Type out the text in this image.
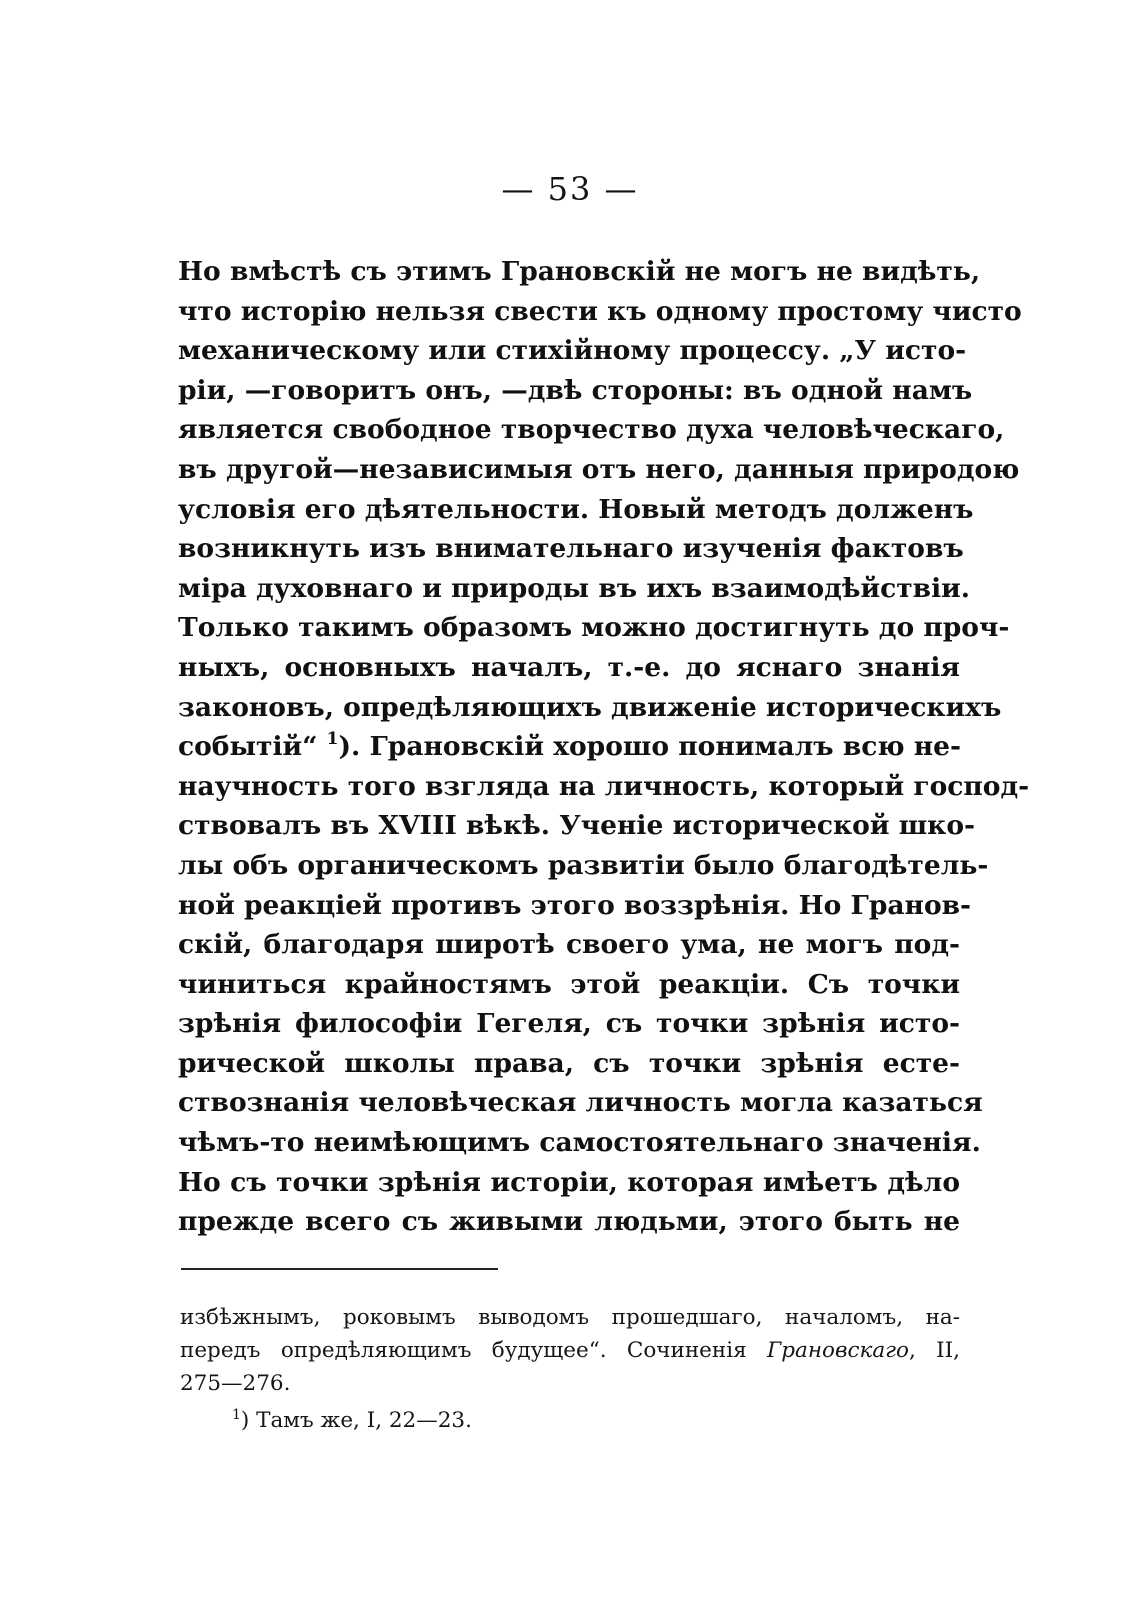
— 53 —
Но вмѣстѣ съ этимъ Грановскій не могъ не видѣть,
что исторію нельзя свести къ одному простому чисто
механическому или стихійному процессу. „У исто-
ріи, —говоритъ онъ, —двѣ стороны: въ одной намъ
является свободное творчество духа человѣческаго,
въ другой—независимыя отъ него, данныя природою
условія его дѣятельности. Новый методъ долженъ
возникнуть изъ внимательнаго изученія фактовъ
міра духовнаго и природы въ ихъ взаимодѣйствіи.
Только такимъ образомъ можно достигнуть до проч-
ныхъ, основныхъ началъ, т.-е. до яснаго знанія
законовъ, опредѣляющихъ движеніе историческихъ
событій“ $^1$). Грановскій хорошо понималъ всю не-
научность того взгляда на личность, который господ-
ствовалъ въ XVIII вѣкѣ. Ученіе исторической шко-
лы объ органическомъ развитіи было благодѣтель-
ной реакціей противъ этого воззрѣнія. Но Гранов-
скій, благодаря широтѣ своего ума, не могъ под-
чиниться крайностямъ этой реакціи. Съ точки
зрѣнія философіи Гегеля, съ точки зрѣнія исто-
рической школы права, съ точки зрѣнія есте-
ствознанія человѣческая личность могла казаться
чѣмъ-то неимѣющимъ самостоятельнаго значенія.
Но съ точки зрѣнія исторіи, которая имѣетъ дѣло
прежде всего съ живыми людьми, этого быть не
избѣжнымъ, роковымъ выводомъ прошедшаго, началомъ, на-
передъ опредѣляющимъ будущее“. Сочиненія Грановскаго, II,
275—276.
$^1$) Тамъ же, I, 22—23.
